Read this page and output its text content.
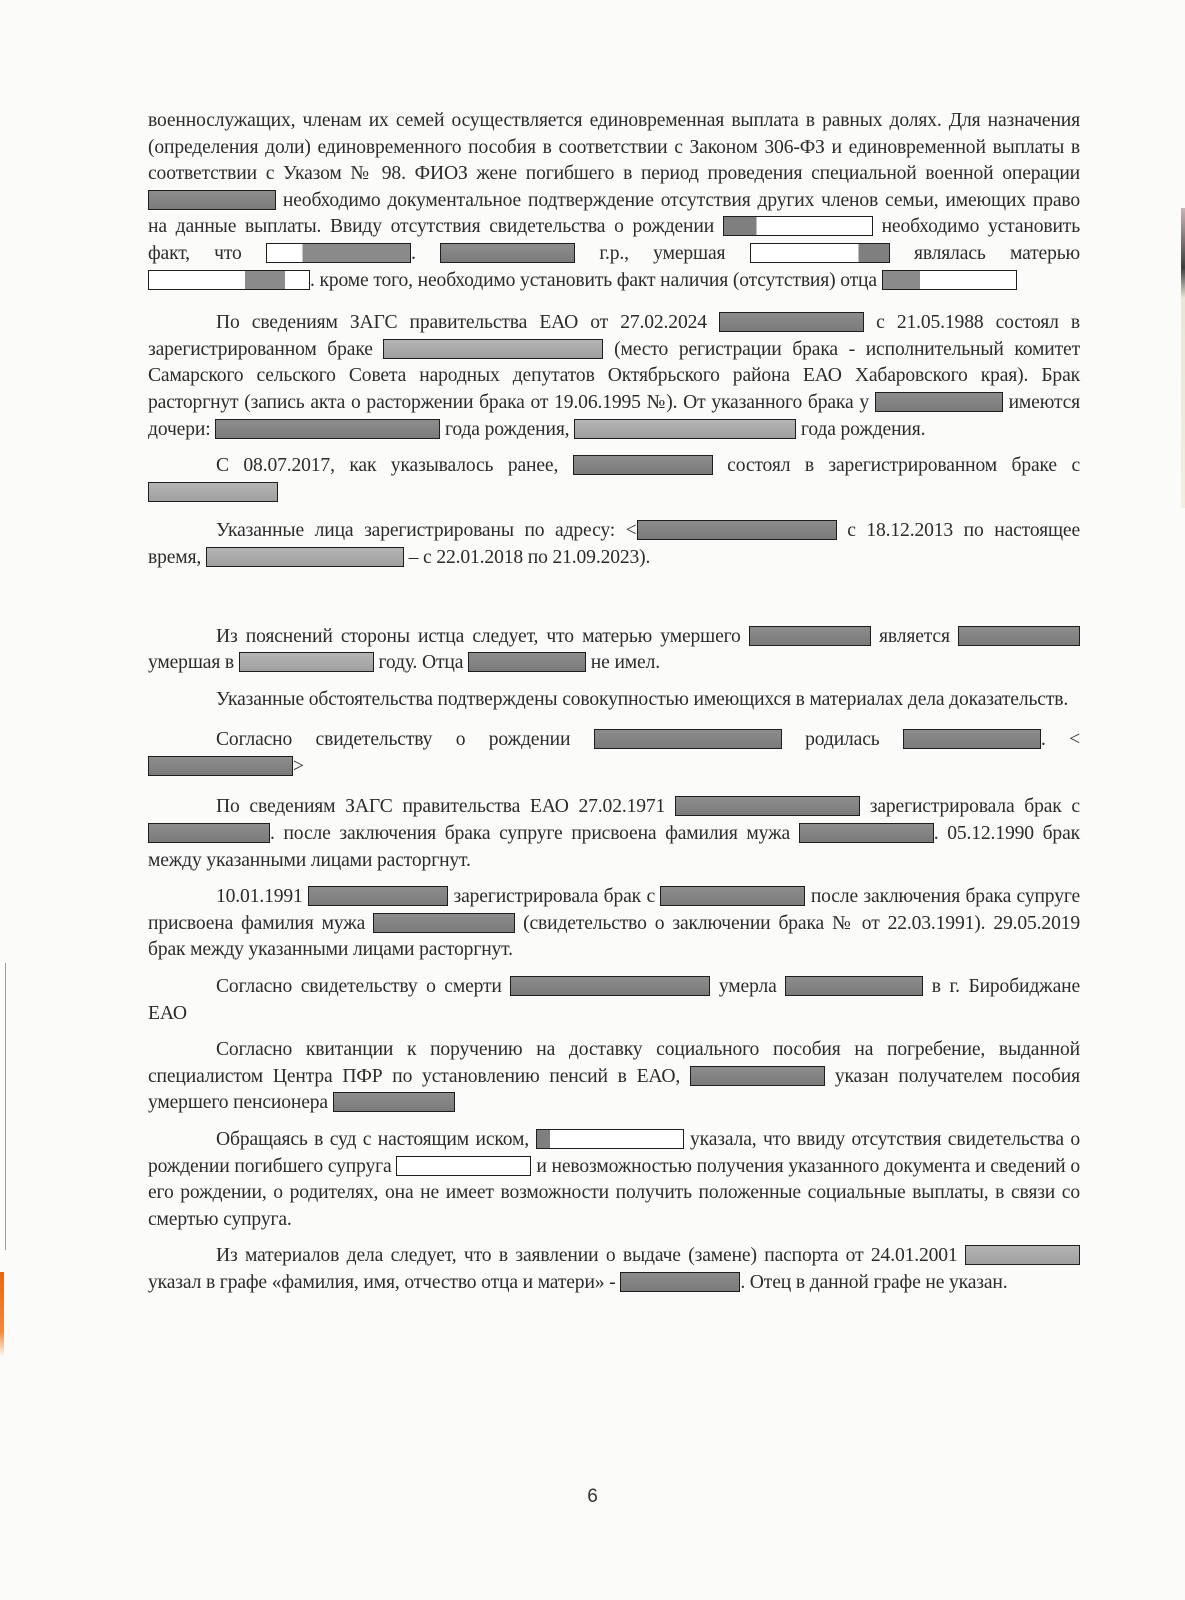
военнослужащих, членам их семей осуществляется единовременная выплата в равных долях. Для назначения (определения доли) единовременного пособия в соответствии с Законом 306-ФЗ и единовременной выплаты в соответствии с Указом № 98. ФИОЗ жене погибшего в период проведения специальной военной операции  необходимо документальное подтверждение отсутствия других членов семьи, имеющих право на данные выплаты. Ввиду отсутствия свидетельства о рождении	необходимо установить факт, что	.	г.р., умершая	являлась матерью . кроме того, необходимо установить факт наличия (отсутствия) отца

По сведениям ЗАГС правительства ЕАО от 27.02.2024	с 21.05.1988 состоял в зарегистрированном браке	(место регистрации брака - исполнительный комитет Самарского сельского Совета народных депутатов Октябрьского района ЕАО Хабаровского края). Брак расторгнут (запись акта о расторжении брака от 19.06.1995 №). От указанного брака у	имеются дочери:	года рождения,	года рождения.

С 08.07.2017, как указывалось ранее,	состоял в зарегистрированном браке с

Указанные лица зарегистрированы по адресу: <	с 18.12.2013 по настоящее время,	– с 22.01.2018 по 21.09.2023).

Из пояснений стороны истца следует, что матерью умершего	является  умершая в	году. Отца	не имел.

Указанные обстоятельства подтверждены совокупностью имеющихся в материалах дела доказательств.

Согласно свидетельству о рождении	родилась	. <>

По сведениям ЗАГС правительства ЕАО 27.02.1971	зарегистрировала брак с . после заключения брака супруге присвоена фамилия мужа	. 05.12.1990 брак между указанными лицами расторгнут.

10.01.1991	зарегистрировала брак с	после заключения брака супруге присвоена фамилия мужа	(свидетельство о заключении брака № от 22.03.1991). 29.05.2019 брак между указанными лицами расторгнут.

Согласно свидетельству о смерти	умерла	в г. Биробиджане ЕАО

Согласно квитанции к поручению на доставку социального пособия на погребение, выданной специалистом Центра ПФР по установлению пенсий в ЕАО,	указан получателем пособия умершего пенсионера

Обращаясь в суд с настоящим иском,	указала, что ввиду отсутствия свидетельства о рождении погибшего супруга	и невозможностью получения указанного документа и сведений о его рождении, о родителях, она не имеет возможности получить положенные социальные выплаты, в связи со смертью супруга.

Из материалов дела следует, что в заявлении о выдаче (замене) паспорта от 24.01.2001  указал в графе «фамилия, имя, отчество отца и матери» -	. Отец в данной графе не указан.

6
